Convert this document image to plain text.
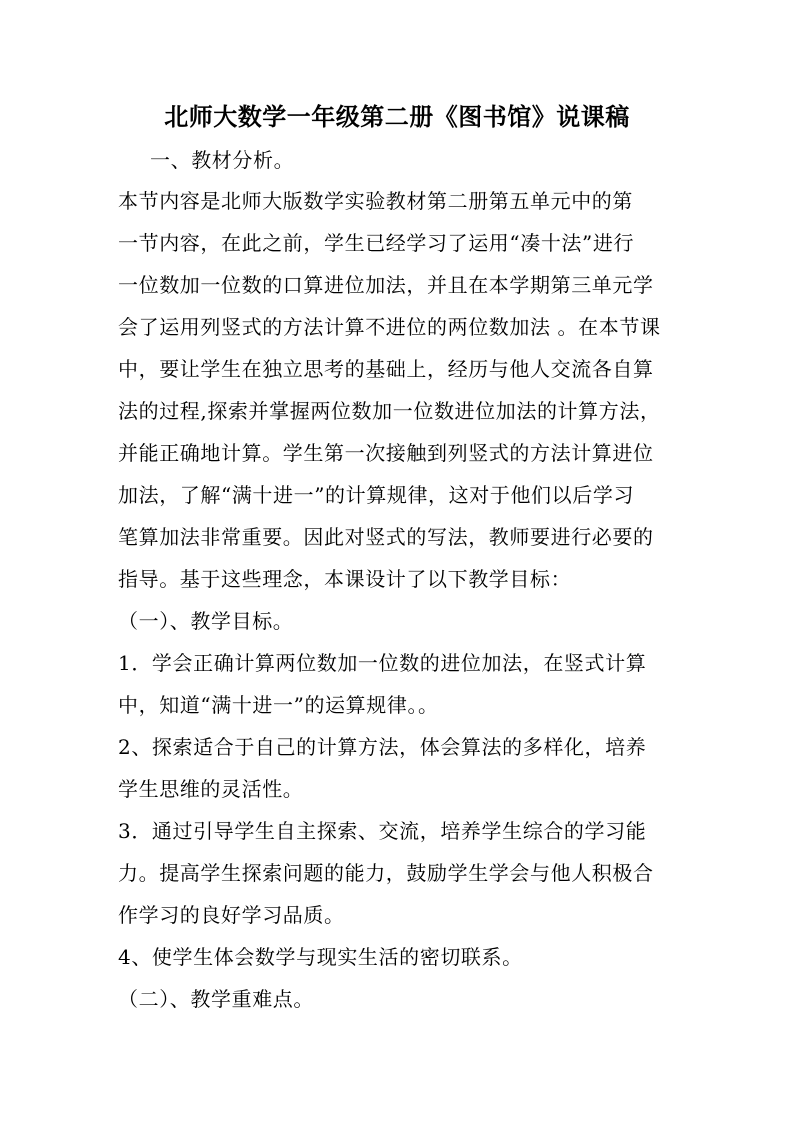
北师大数学一年级第二册《图书馆》说课稿
一、教材分析。
本节内容是北师大版数学实验教材第二册第五单元中的第
一节内容，在此之前，学生已经学习了运用“凑十法”进行
一位数加一位数的口算进位加法，并且在本学期第三单元学
会了运用列竖式的方法计算不进位的两位数加法 。在本节课
中，要让学生在独立思考的基础上，经历与他人交流各自算
法的过程,探索并掌握两位数加一位数进位加法的计算方法，
并能正确地计算。学生第一次接触到列竖式的方法计算进位
加法，了解“满十进一”的计算规律，这对于他们以后学习
笔算加法非常重要。因此对竖式的写法，教师要进行必要的
指导。基于这些理念，本课设计了以下教学目标：
（一）、教学目标。
1．学会正确计算两位数加一位数的进位加法，在竖式计算
中，知道“满十进一”的运算规律。。
2、探索适合于自己的计算方法，体会算法的多样化，培养
学生思维的灵活性。
3．通过引导学生自主探索、交流，培养学生综合的学习能
力。提高学生探索问题的能力，鼓励学生学会与他人积极合
作学习的良好学习品质。
4、使学生体会数学与现实生活的密切联系。
（二）、教学重难点。
